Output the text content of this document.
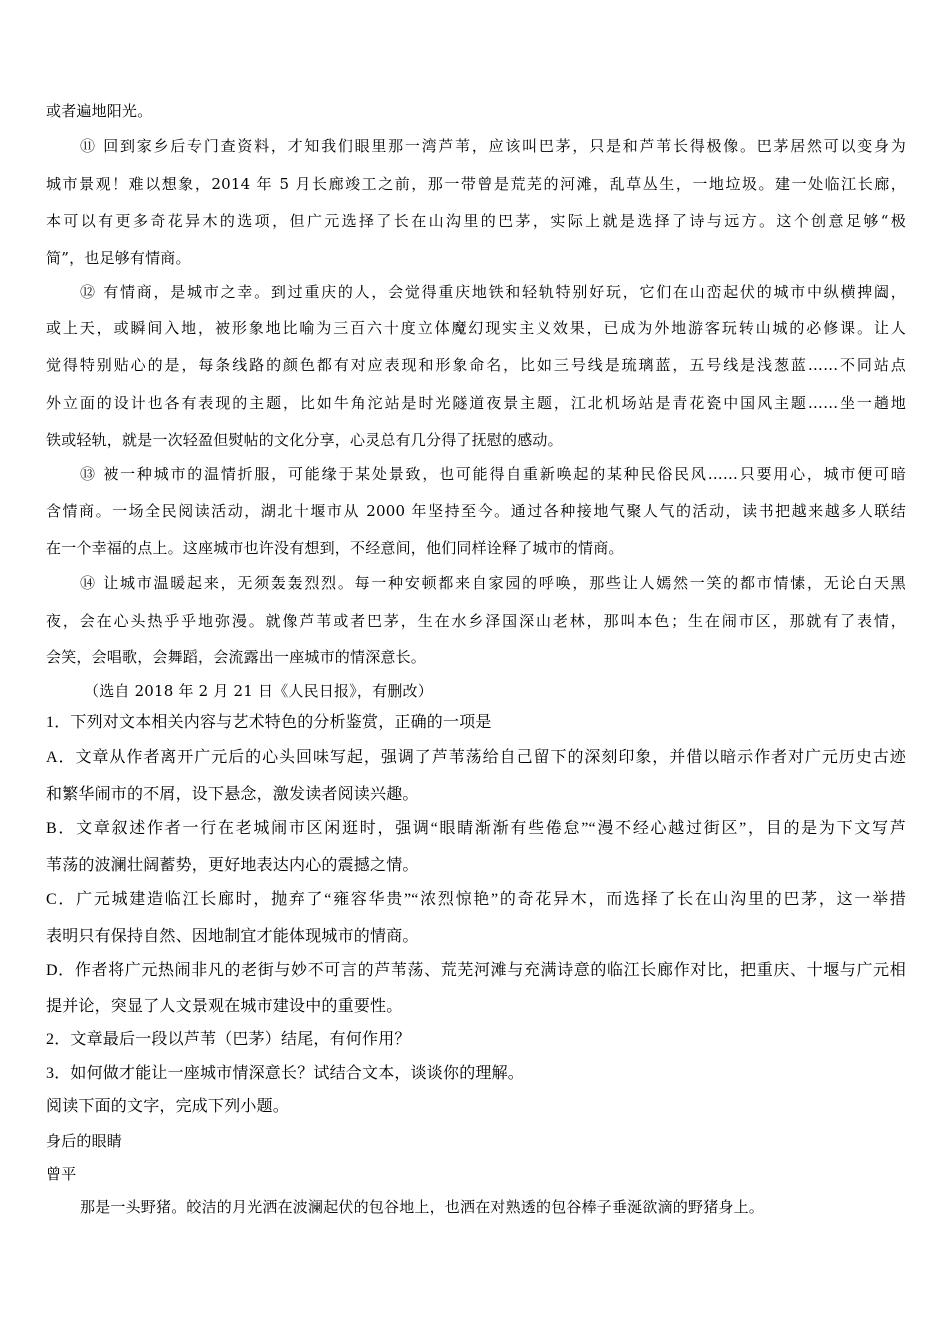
或者遍地阳光。
⑪ 回到家乡后专门查资料，才知我们眼里那一湾芦苇，应该叫巴茅，只是和芦苇长得极像。巴茅居然可以变身为
城市景观！难以想象，2014 年 5 月长廊竣工之前，那一带曾是荒芜的河滩，乱草丛生，一地垃圾。建一处临江长廊，
本可以有更多奇花异木的选项，但广元选择了长在山沟里的巴茅，实际上就是选择了诗与远方。这个创意足够“极
简”，也足够有情商。
⑫ 有情商，是城市之幸。到过重庆的人，会觉得重庆地铁和轻轨特别好玩，它们在山峦起伏的城市中纵横捭阖，
或上天，或瞬间入地，被形象地比喻为三百六十度立体魔幻现实主义效果，已成为外地游客玩转山城的必修课。让人
觉得特别贴心的是，每条线路的颜色都有对应表现和形象命名，比如三号线是琉璃蓝，五号线是浅葱蓝……不同站点
外立面的设计也各有表现的主题，比如牛角沱站是时光隧道夜景主题，江北机场站是青花瓷中国风主题……坐一趟地
铁或轻轨，就是一次轻盈但熨帖的文化分享，心灵总有几分得了抚慰的感动。
⑬ 被一种城市的温情折服，可能缘于某处景致，也可能得自重新唤起的某种民俗民风……只要用心，城市便可暗
含情商。一场全民阅读活动，湖北十堰市从 2000 年坚持至今。通过各种接地气聚人气的活动，读书把越来越多人联结
在一个幸福的点上。这座城市也许没有想到，不经意间，他们同样诠释了城市的情商。
⑭ 让城市温暖起来，无须轰轰烈烈。每一种安顿都来自家园的呼唤，那些让人嫣然一笑的都市情愫，无论白天黑
夜，会在心头热乎乎地弥漫。就像芦苇或者巴茅，生在水乡泽国深山老林，那叫本色；生在闹市区，那就有了表情，
会笑，会唱歌，会舞蹈，会流露出一座城市的情深意长。
（选自 2018 年 2 月 21 日《人民日报》，有删改）
1．下列对文本相关内容与艺术特色的分析鉴赏，正确的一项是
A．文章从作者离开广元后的心头回味写起，强调了芦苇荡给自己留下的深刻印象，并借以暗示作者对广元历史古迹
和繁华闹市的不屑，设下悬念，激发读者阅读兴趣。
B．文章叙述作者一行在老城闹市区闲逛时，强调“眼睛渐渐有些倦怠”“漫不经心越过街区”，目的是为下文写芦
苇荡的波澜壮阔蓄势，更好地表达内心的震撼之情。
C．广元城建造临江长廊时，抛弃了“雍容华贵”“浓烈惊艳”的奇花异木，而选择了长在山沟里的巴茅，这一举措
表明只有保持自然、因地制宜才能体现城市的情商。
D．作者将广元热闹非凡的老街与妙不可言的芦苇荡、荒芜河滩与充满诗意的临江长廊作对比，把重庆、十堰与广元相
提并论，突显了人文景观在城市建设中的重要性。
2．文章最后一段以芦苇（巴茅）结尾，有何作用？
3．如何做才能让一座城市情深意长？试结合文本，谈谈你的理解。
阅读下面的文字，完成下列小题。
身后的眼睛
曾平
那是一头野猪。皎洁的月光洒在波澜起伏的包谷地上，也洒在对熟透的包谷棒子垂涎欲滴的野猪身上。
